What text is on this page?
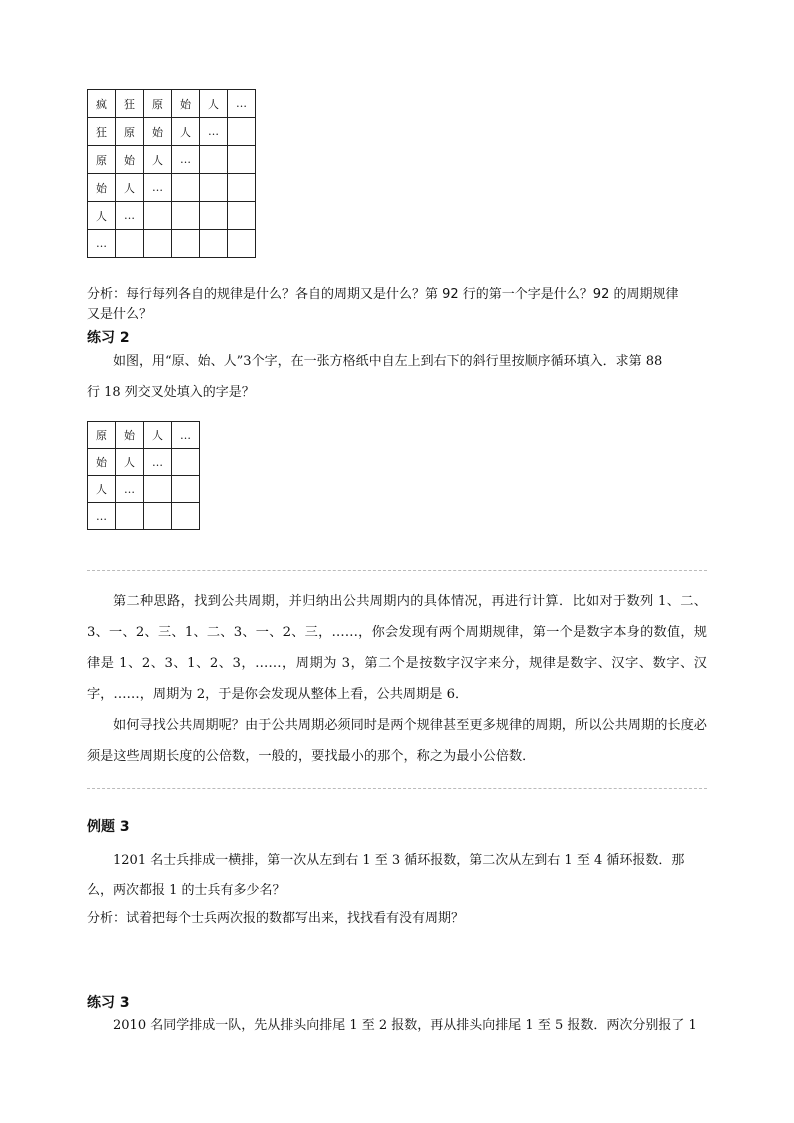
疯	狂	原	始	人	…
狂	原	始	人	…	
原	始	人	…		
始	人	…			
人	…				
…					
分析：每行每列各自的规律是什么？各自的周期又是什么？第 92 行的第一个字是什么？92 的周期规律
又是什么？
练习 2
如图，用“原、始、人”3个字，在一张方格纸中自左上到右下的斜行里按顺序循环填入．求第 88
行 18 列交叉处填入的字是？
原	始	人	…
始	人	…	
人	…		
…			

第二种思路，找到公共周期，并归纳出公共周期内的具体情况，再进行计算．比如对于数列 1、二、3、一、2、三、1、二、3、一、2、三，……，你会发现有两个周期规律，第一个是数字本身的数值，规律是 1、2、3、1、2、3，……，周期为 3，第二个是按数字汉字来分，规律是数字、汉字、数字、汉字，……，周期为 2，于是你会发现从整体上看，公共周期是 6．

如何寻找公共周期呢？由于公共周期必须同时是两个规律甚至更多规律的周期，所以公共周期的长度必须是这些周期长度的公倍数，一般的，要找最小的那个，称之为最小公倍数．

例题 3
1201 名士兵排成一横排，第一次从左到右 1 至 3 循环报数，第二次从左到右 1 至 4 循环报数．那
么，两次都报 1 的士兵有多少名？
分析：试着把每个士兵两次报的数都写出来，找找看有没有周期？
练习 3
2010 名同学排成一队，先从排头向排尾 1 至 2 报数，再从排头向排尾 1 至 5 报数．两次分别报了 1
